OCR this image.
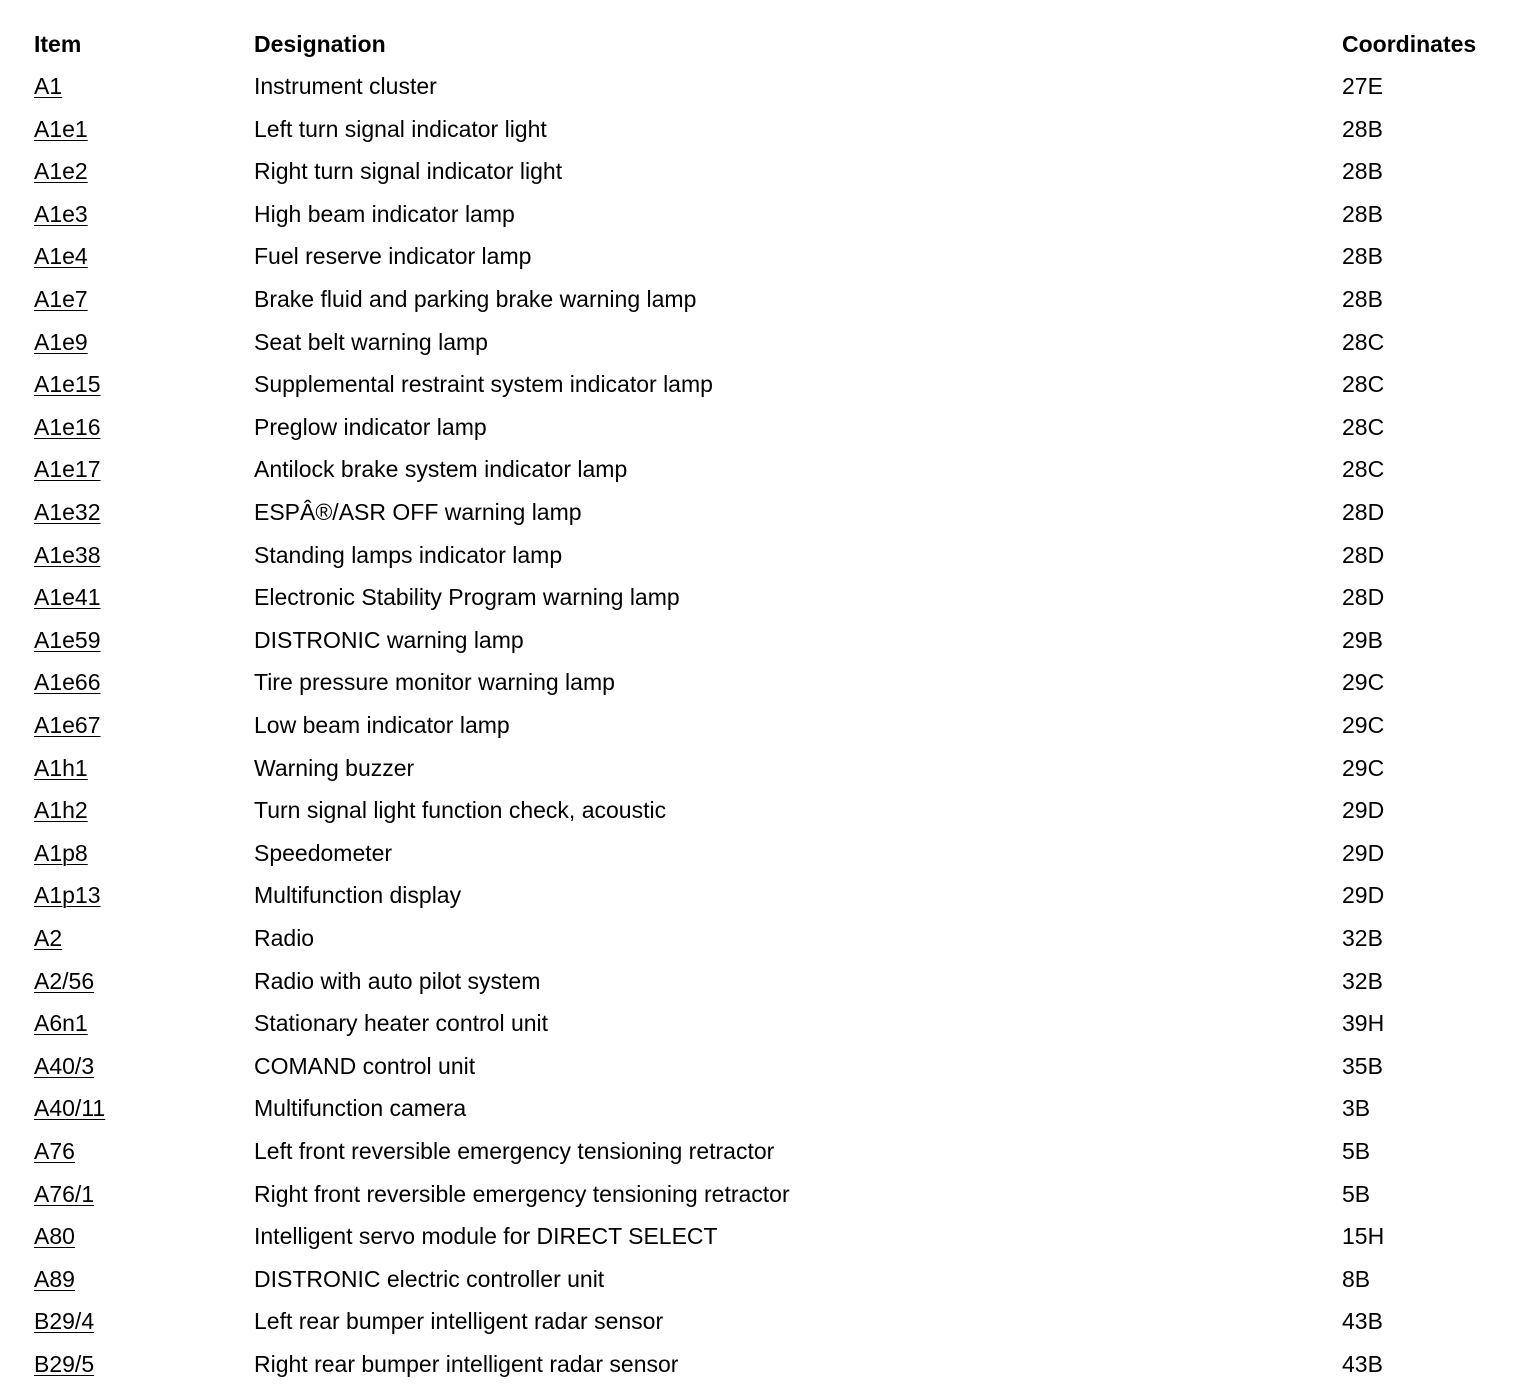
Item	Designation	Coordinates
A1	Instrument cluster	27E
A1e1	Left turn signal indicator light	28B
A1e2	Right turn signal indicator light	28B
A1e3	High beam indicator lamp	28B
A1e4	Fuel reserve indicator lamp	28B
A1e7	Brake fluid and parking brake warning lamp	28B
A1e9	Seat belt warning lamp	28C
A1e15	Supplemental restraint system indicator lamp	28C
A1e16	Preglow indicator lamp	28C
A1e17	Antilock brake system indicator lamp	28C
A1e32	ESPÂ®/ASR OFF warning lamp	28D
A1e38	Standing lamps indicator lamp	28D
A1e41	Electronic Stability Program warning lamp	28D
A1e59	DISTRONIC warning lamp	29B
A1e66	Tire pressure monitor warning lamp	29C
A1e67	Low beam indicator lamp	29C
A1h1	Warning buzzer	29C
A1h2	Turn signal light function check, acoustic	29D
A1p8	Speedometer	29D
A1p13	Multifunction display	29D
A2	Radio	32B
A2/56	Radio with auto pilot system	32B
A6n1	Stationary heater control unit	39H
A40/3	COMAND control unit	35B
A40/11	Multifunction camera	3B
A76	Left front reversible emergency tensioning retractor	5B
A76/1	Right front reversible emergency tensioning retractor	5B
A80	Intelligent servo module for DIRECT SELECT	15H
A89	DISTRONIC electric controller unit	8B
B29/4	Left rear bumper intelligent radar sensor	43B
B29/5	Right rear bumper intelligent radar sensor	43B
